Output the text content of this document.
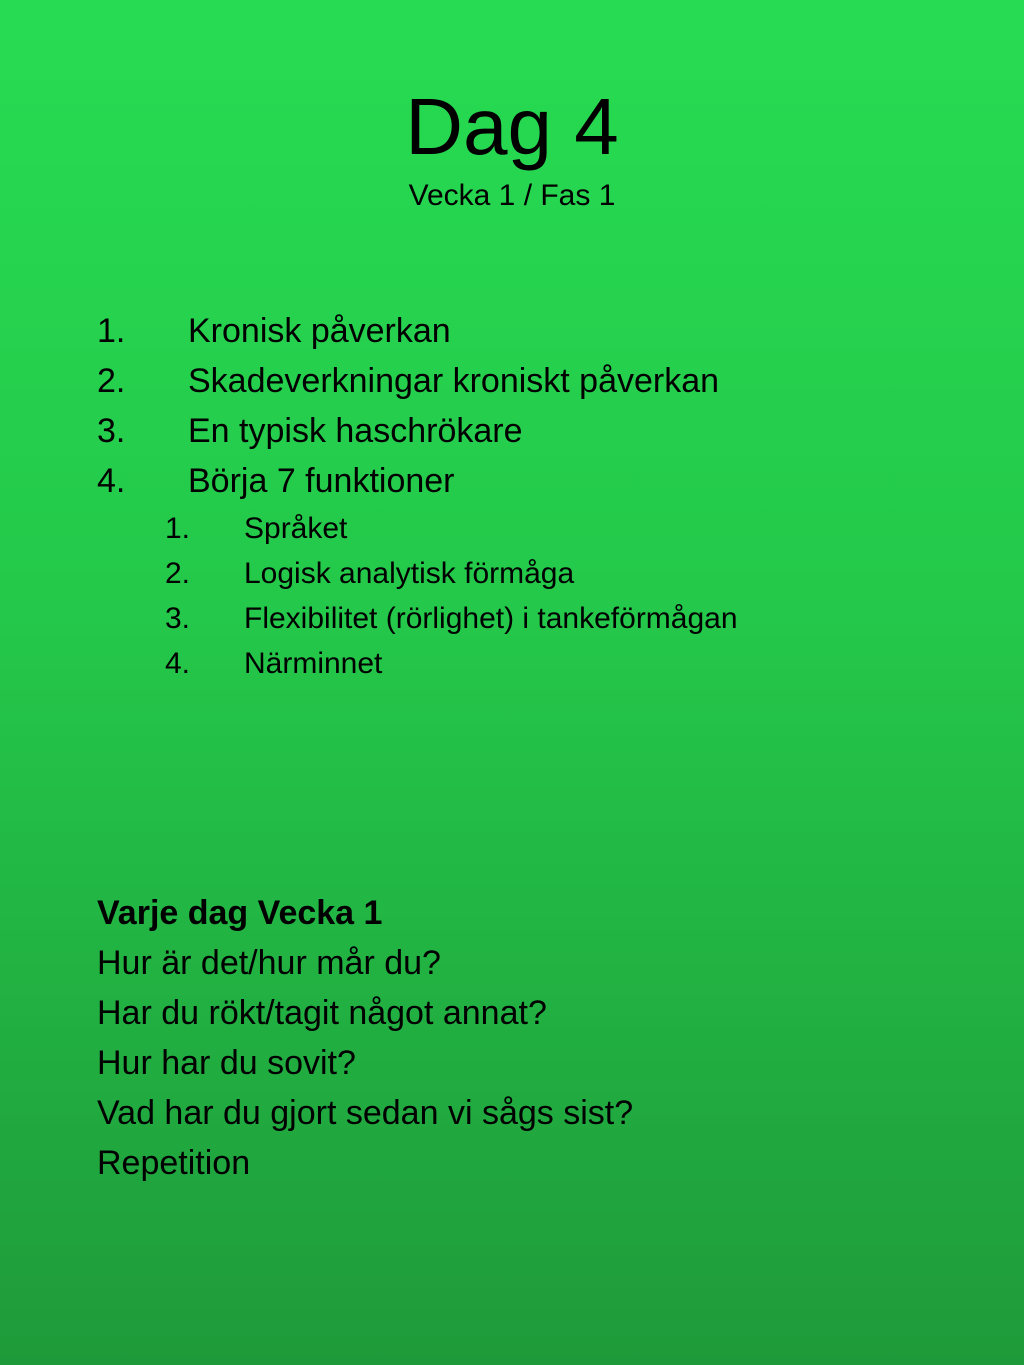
Dag 4
Vecka 1 / Fas 1
1. Kronisk påverkan
2. Skadeverkningar kroniskt påverkan
3. En typisk haschrökare
4. Börja 7 funktioner
1. Språket
2. Logisk analytisk förmåga
3. Flexibilitet (rörlighet) i tankeförmågan
4. Närminnet
Varje dag Vecka 1
Hur är det/hur mår du?
Har du rökt/tagit något annat?
Hur har du sovit?
Vad har du gjort sedan vi sågs sist?
Repetition
